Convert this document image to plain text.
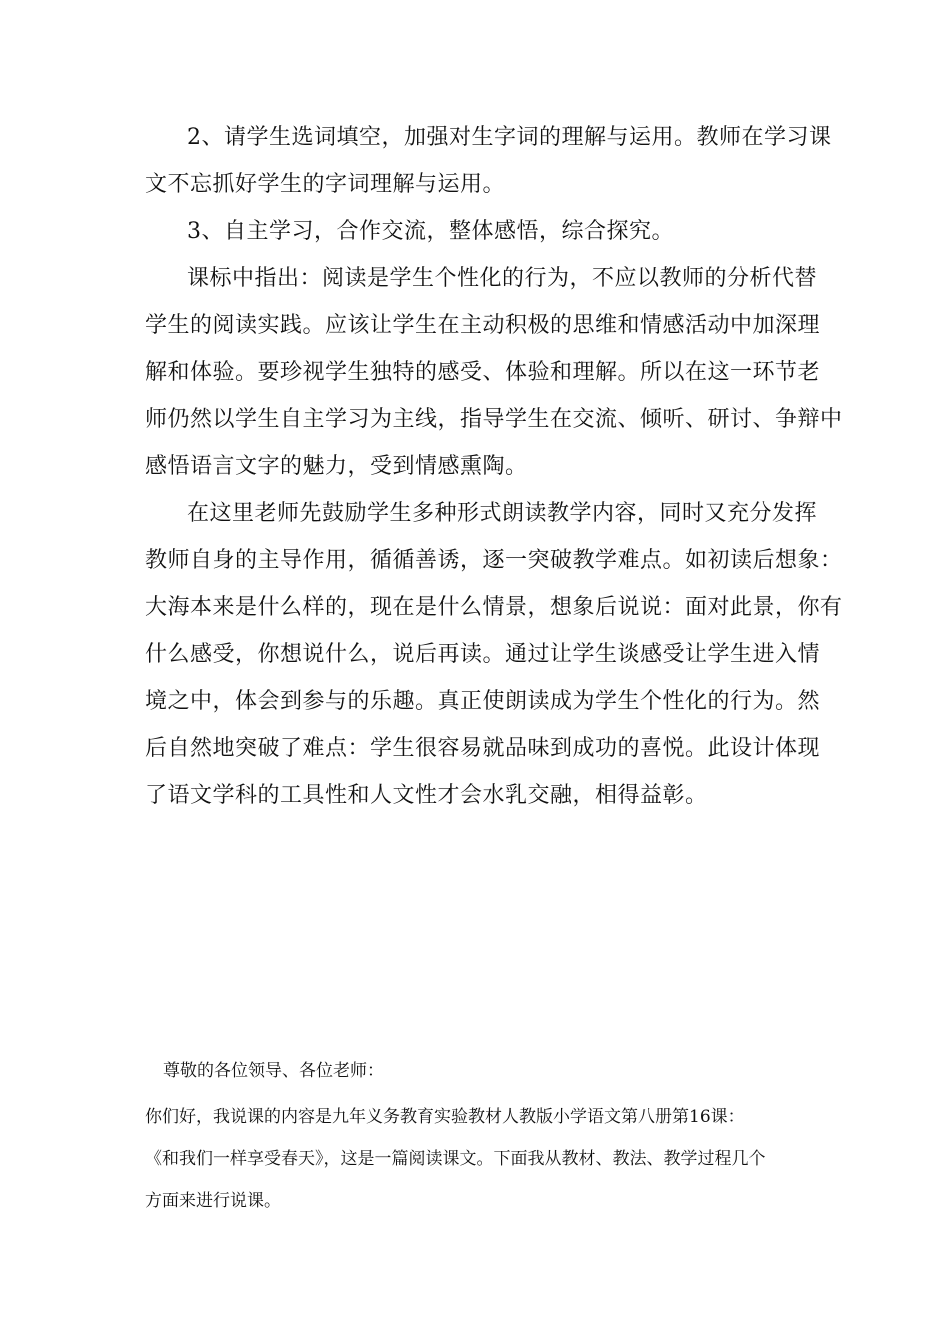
2、请学生选词填空，加强对生字词的理解与运用。教师在学习课
文不忘抓好学生的字词理解与运用。
3、自主学习，合作交流，整体感悟，综合探究。
课标中指出：阅读是学生个性化的行为，不应以教师的分析代替
学生的阅读实践。应该让学生在主动积极的思维和情感活动中加深理
解和体验。要珍视学生独特的感受、体验和理解。所以在这一环节老
师仍然以学生自主学习为主线，指导学生在交流、倾听、研讨、争辩中
感悟语言文字的魅力，受到情感熏陶。
在这里老师先鼓励学生多种形式朗读教学内容，同时又充分发挥
教师自身的主导作用，循循善诱，逐一突破教学难点。如初读后想象：
大海本来是什么样的，现在是什么情景，想象后说说：面对此景，你有
什么感受，你想说什么，说后再读。通过让学生谈感受让学生进入情
境之中，体会到参与的乐趣。真正使朗读成为学生个性化的行为。然
后自然地突破了难点：学生很容易就品味到成功的喜悦。此设计体现
了语文学科的工具性和人文性才会水乳交融，相得益彰。
尊敬的各位领导、各位老师：
你们好，我说课的内容是九年义务教育实验教材人教版小学语文第八册第16课：
《和我们一样享受春天》，这是一篇阅读课文。下面我从教材、教法、教学过程几个
方面来进行说课。
